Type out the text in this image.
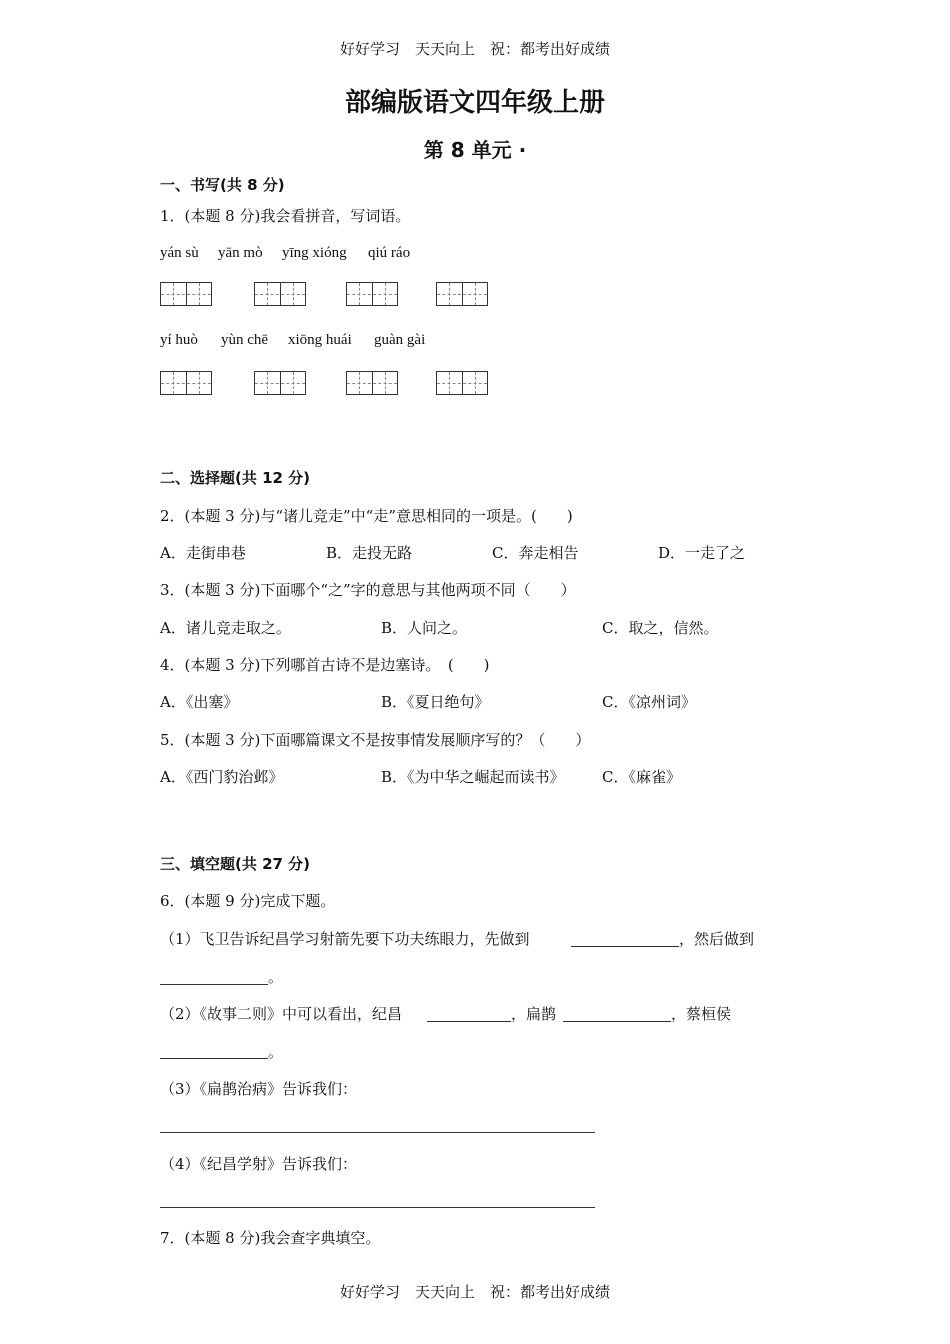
好好学习　天天向上　祝：都考出好成绩
部编版语文四年级上册
第 8 单元 ·
一、书写(共 8 分)
1．(本题 8 分)我会看拼音，写词语。
yán sù yān mò yīng xióng qiú ráo
yí huò yùn chē xiōng huái guàn gài
二、选择题(共 12 分)
2．(本题 3 分)与“诸儿竞走”中“走”意思相同的一项是。(　　)
A．走街串巷	B．走投无路	C．奔走相告	D．一走了之
3．(本题 3 分)下面哪个“之”字的意思与其他两项不同（　　）
A．诸儿竞走取之。	B．人问之。	C．取之，信然。
4．(本题 3 分)下列哪首古诗不是边塞诗。　(　　)
A．《出塞》	B．《夏日绝句》	C．《凉州词》
5．(本题 3 分)下面哪篇课文不是按事情发展顺序写的？（　　）
A．《西门豹治邺》	B．《为中华之崛起而读书》 C．《麻雀》
三、填空题(共 27 分)
6．(本题 9 分)完成下题。
（1）飞卫告诉纪昌学习射箭先要下功夫练眼力，先做到	，然后做到
。
（2）《故事二则》中可以看出，纪昌	，扁鹊	，蔡桓侯
。
（3）《扁鹊治病》告诉我们：
（4）《纪昌学射》告诉我们：
7．(本题 8 分)我会查字典填空。
好好学习　天天向上　祝：都考出好成绩
